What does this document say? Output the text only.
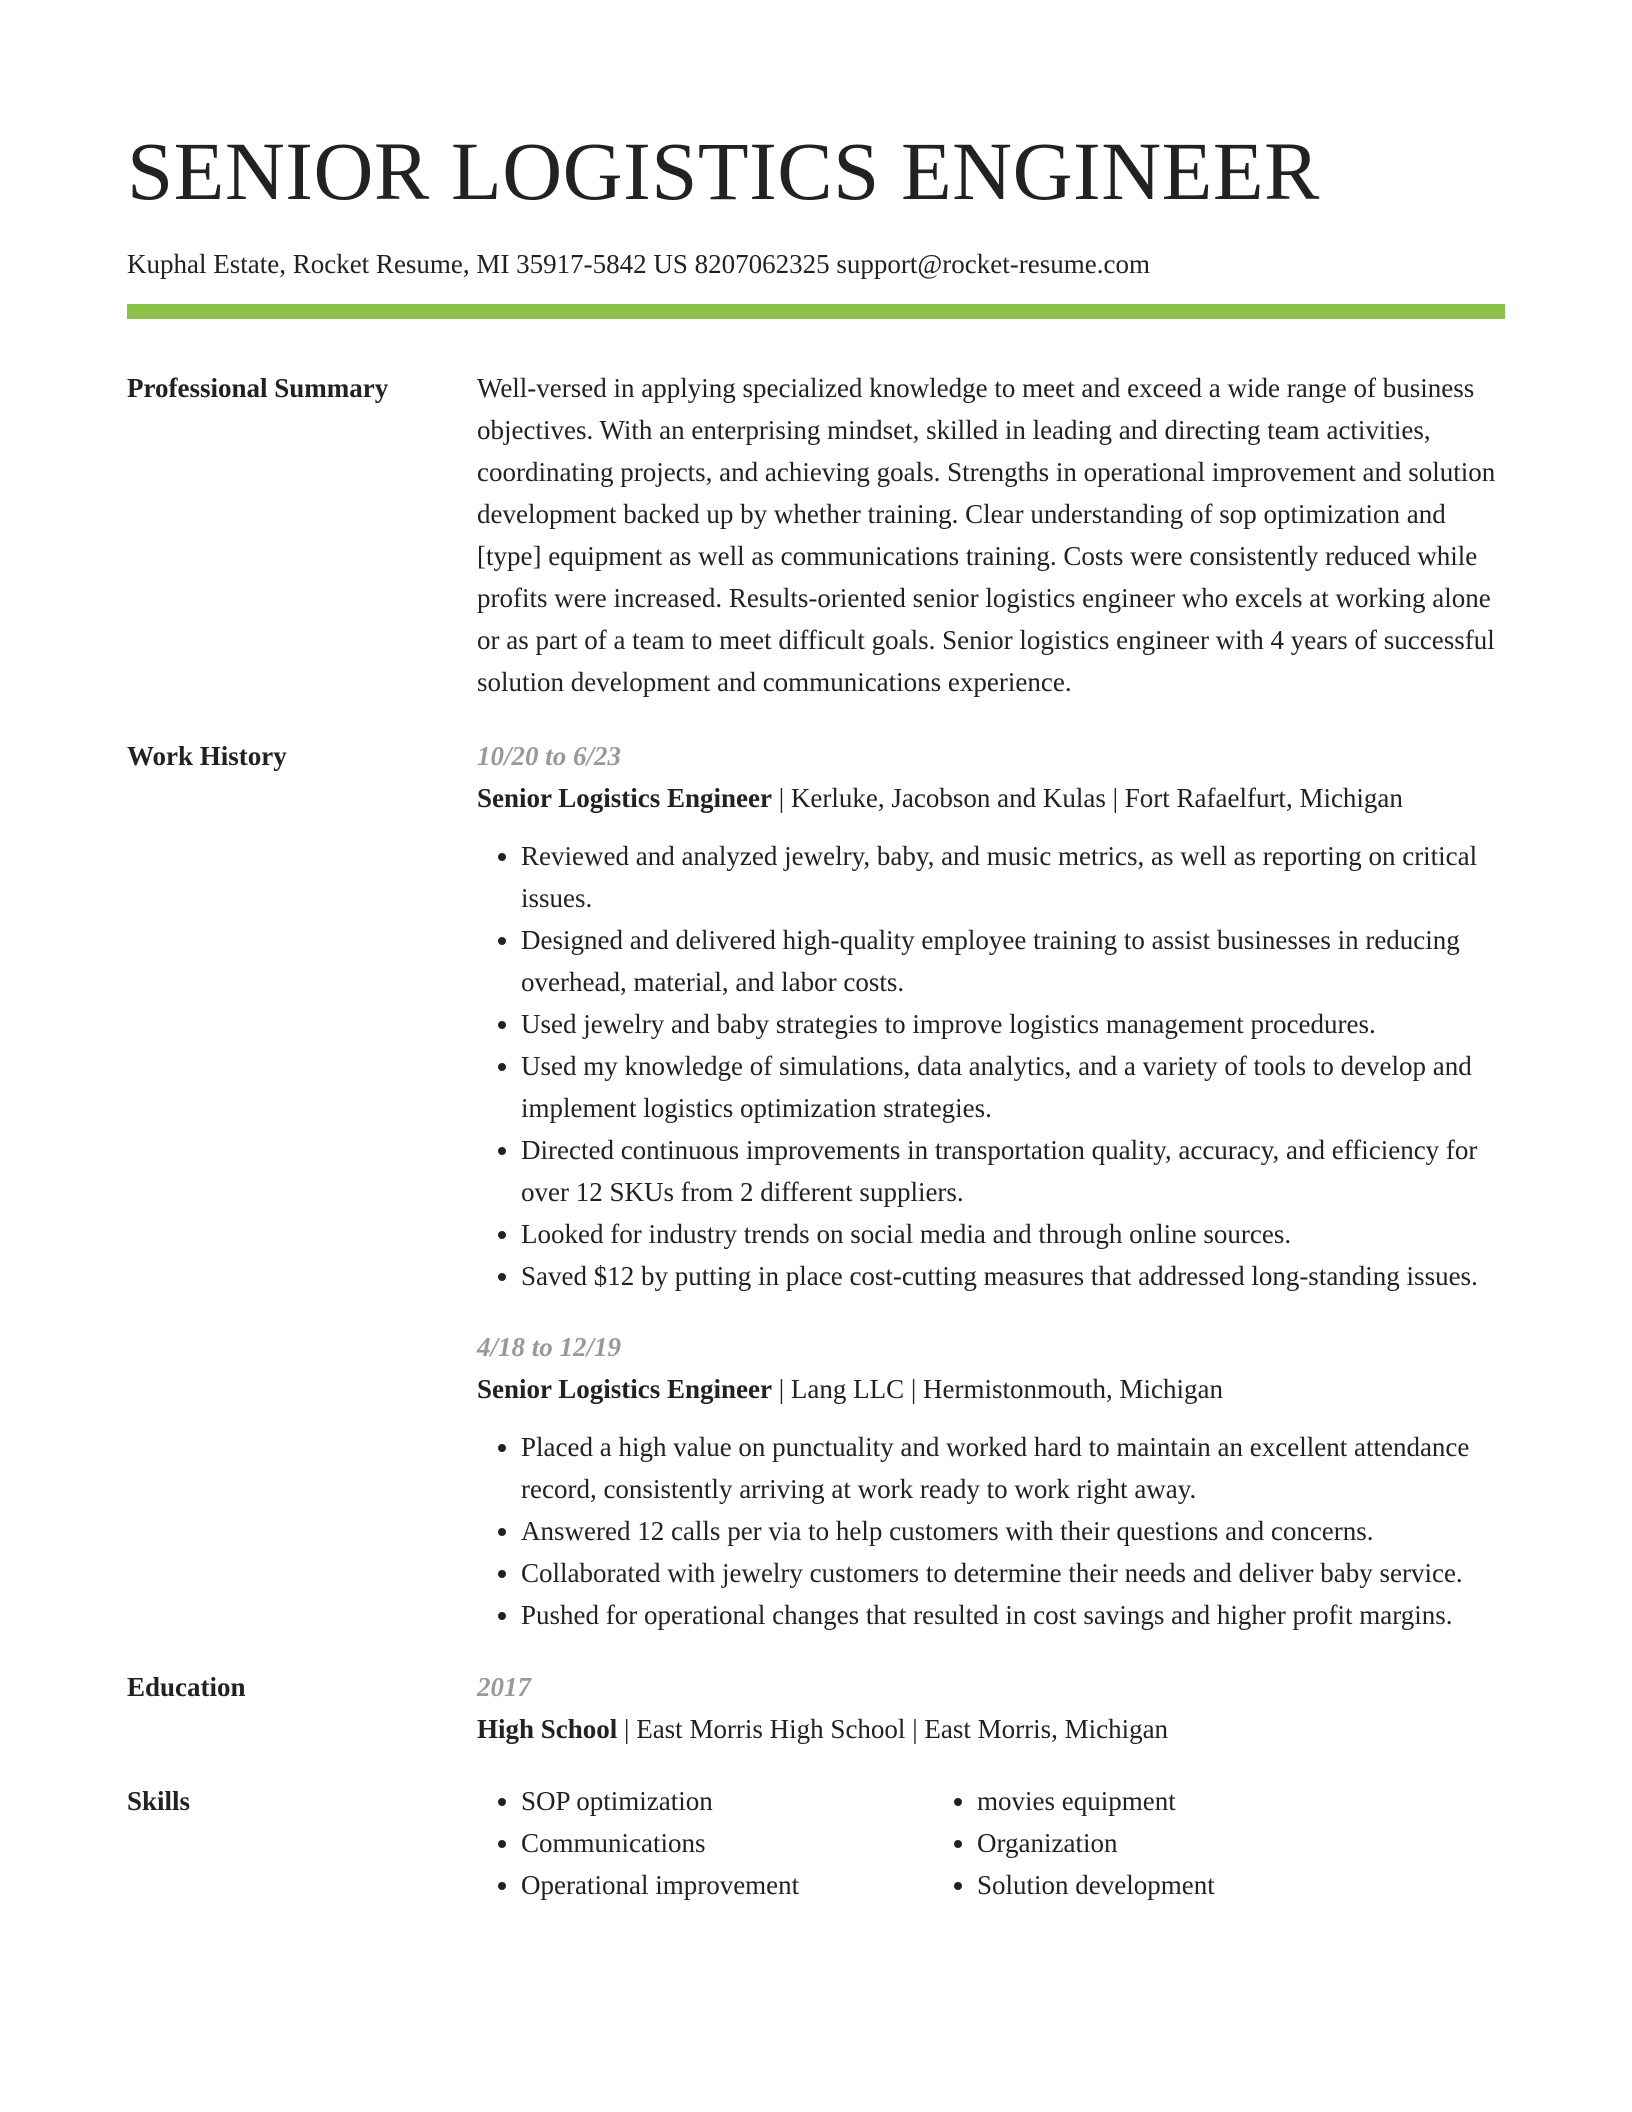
SENIOR LOGISTICS ENGINEER
Kuphal Estate, Rocket Resume, MI 35917-5842 US 8207062325 support@rocket-resume.com
Professional Summary	Well-versed in applying specialized knowledge to meet and exceed a wide range of business objectives. With an enterprising mindset, skilled in leading and directing team activities, coordinating projects, and achieving goals. Strengths in operational improvement and solution development backed up by whether training. Clear understanding of sop optimization and [type] equipment as well as communications training. Costs were consistently reduced while profits were increased. Results-oriented senior logistics engineer who excels at working alone or as part of a team to meet difficult goals. Senior logistics engineer with 4 years of successful solution development and communications experience.
Work History	10/20 to 6/23
Senior Logistics Engineer | Kerluke, Jacobson and Kulas | Fort Rafaelfurt, Michigan
• Reviewed and analyzed jewelry, baby, and music metrics, as well as reporting on critical issues.
• Designed and delivered high-quality employee training to assist businesses in reducing overhead, material, and labor costs.
• Used jewelry and baby strategies to improve logistics management procedures.
• Used my knowledge of simulations, data analytics, and a variety of tools to develop and implement logistics optimization strategies.
• Directed continuous improvements in transportation quality, accuracy, and efficiency for over 12 SKUs from 2 different suppliers.
• Looked for industry trends on social media and through online sources.
• Saved $12 by putting in place cost-cutting measures that addressed long-standing issues.
4/18 to 12/19
Senior Logistics Engineer | Lang LLC | Hermistonmouth, Michigan
• Placed a high value on punctuality and worked hard to maintain an excellent attendance record, consistently arriving at work ready to work right away.
• Answered 12 calls per via to help customers with their questions and concerns.
• Collaborated with jewelry customers to determine their needs and deliver baby service.
• Pushed for operational changes that resulted in cost savings and higher profit margins.
Education	2017
High School | East Morris High School | East Morris, Michigan
Skills
•	SOP optimization
• Communications
• Operational improvement
• movies equipment
• Organization
• Solution development
